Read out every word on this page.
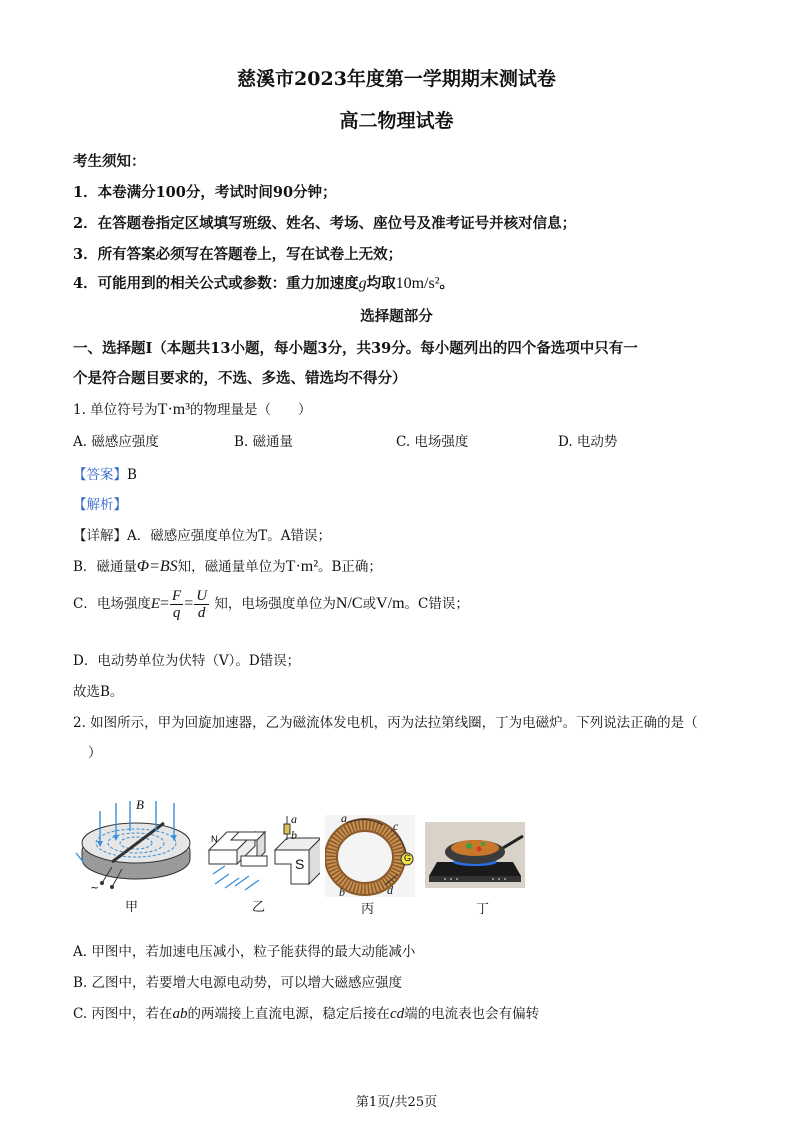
慈溪市2023年度第一学期期末测试卷
高二物理试卷
考生须知：
1．本卷满分100分，考试时间90分钟；
2．在答题卷指定区域填写班级、姓名、考场、座位号及准考证号并核对信息；
3．所有答案必须写在答题卷上，写在试卷上无效；
4．可能用到的相关公式或参数：重力加速度g均取10m/s²。
选择题部分
一、选择题Ⅰ（本题共13小题，每小题3分，共39分。每小题列出的四个备选项中只有一
个是符合题目要求的，不选、多选、错选均不得分）
1. 单位符号为T·m³的物理量是（　　）
A. 磁感应强度	B. 磁通量	C. 电场强度	D. 电动势
【答案】B
【解析】
【详解】A．磁感应强度单位为T。A错误；
B．磁通量Φ=BS知，磁通量单位为T·m²。B正确；
C．电场强度$E= \frac{F}{q} = \frac{U}{d}$ 知，电场强度单位为N/C或V/m。C错误；
D．电动势单位为伏特（V）。D错误；
故选B。
2. 如图所示，甲为回旋加速器，乙为磁流体发电机，丙为法拉第线圈，丁为电磁炉。下列说法正确的是（
）
B
~
甲
N
a
b
S
乙
a
c
b	d
G
丙	丁
A. 甲图中，若加速电压减小，粒子能获得的最大动能减小
B. 乙图中，若要增大电源电动势，可以增大磁感应强度
C. 丙图中，若在ab的两端接上直流电源，稳定后接在cd端的电流表也会有偏转
第1页/共25页
